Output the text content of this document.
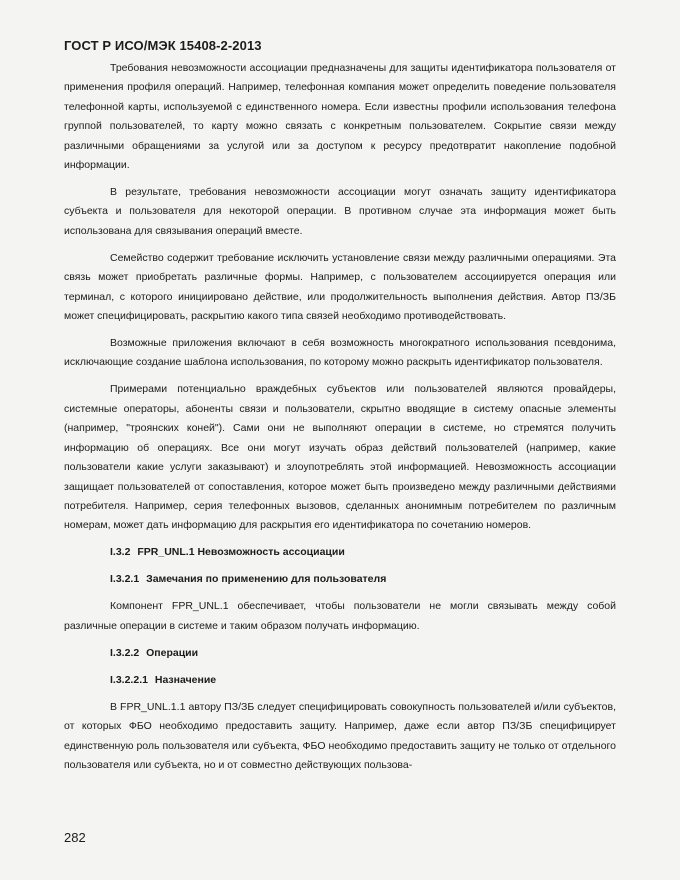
ГОСТ Р ИСО/МЭК 15408-2-2013

Требования невозможности ассоциации предназначены для защиты идентификатора пользователя от применения профиля операций. Например, телефонная компания может определить поведение пользователя телефонной карты, используемой с единственного номера. Если известны профили использования телефона группой пользователей, то карту можно связать с конкретным пользователем. Сокрытие связи между различными обращениями за услугой или за доступом к ресурсу предотвратит накопление подобной информации.

В результате, требования невозможности ассоциации могут означать защиту идентификатора субъекта и пользователя для некоторой операции. В противном случае эта информация может быть использована для связывания операций вместе.

Семейство содержит требование исключить установление связи между различными операциями. Эта связь может приобретать различные формы. Например, с пользователем ассоциируется операция или терминал, с которого инициировано действие, или продолжительность выполнения действия. Автор ПЗ/ЗБ может специфицировать, раскрытию какого типа связей необходимо противодействовать.

Возможные приложения включают в себя возможность многократного использования псевдонима, исключающие создание шаблона использования, по которому можно раскрыть идентификатор пользователя.

Примерами потенциально враждебных субъектов или пользователей являются провайдеры, системные операторы, абоненты связи и пользователи, скрытно вводящие в систему опасные элементы (например, "троянских коней"). Сами они не выполняют операции в системе, но стремятся получить информацию об операциях. Все они могут изучать образ действий пользователей (например, какие пользователи какие услуги заказывают) и злоупотреблять этой информацией. Невозможность ассоциации защищает пользователей от сопоставления, которое может быть произведено между различными действиями потребителя. Например, серия телефонных вызовов, сделанных анонимным потребителем по различным номерам, может дать информацию для раскрытия его идентификатора по сочетанию номеров.

I.3.2 FPR_UNL.1 Невозможность ассоциации
I.3.2.1 Замечания по применению для пользователя

Компонент FPR_UNL.1 обеспечивает, чтобы пользователи не могли связывать между собой различные операции в системе и таким образом получать информацию.

I.3.2.2 Операции
I.3.2.2.1 Назначение

В FPR_UNL.1.1 автору ПЗ/ЗБ следует специфицировать совокупность пользователей и/или субъектов, от которых ФБО необходимо предоставить защиту. Например, даже если автор ПЗ/ЗБ специфицирует единственную роль пользователя или субъекта, ФБО необходимо предоставить защиту не только от отдельного пользователя или субъекта, но и от совместно действующих пользова-

282
